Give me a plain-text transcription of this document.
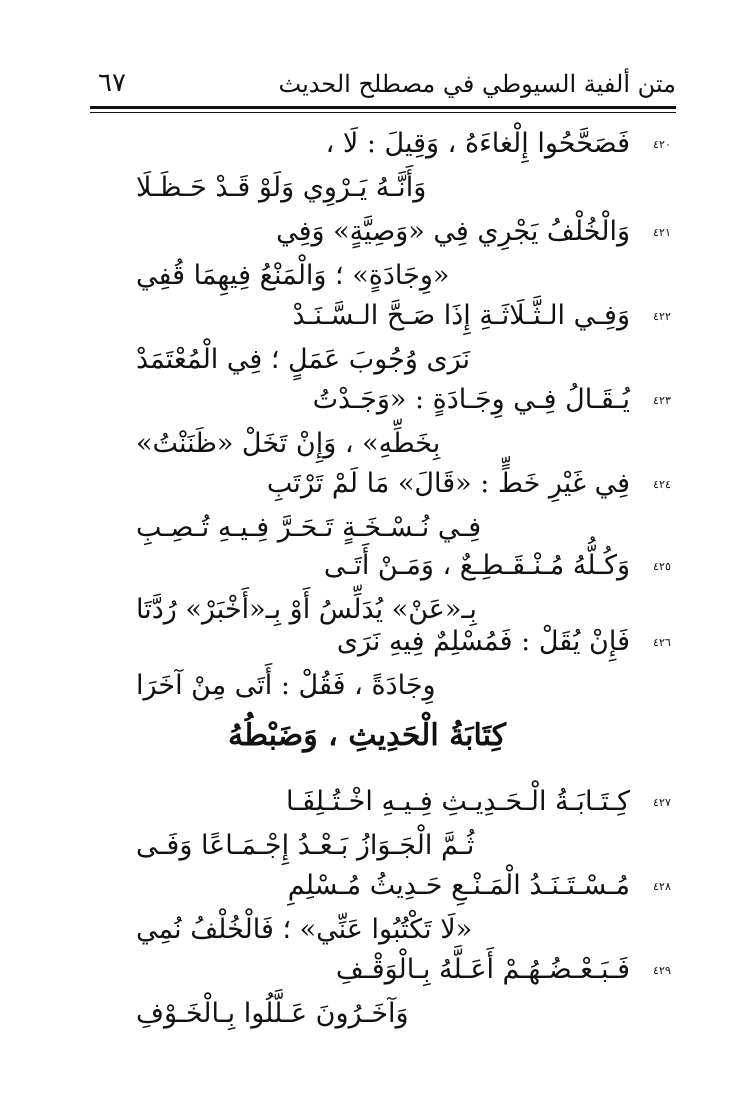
متن ألفية السيوطي في مصطلح الحديث
٦٧
٤٢٠
فَصَحَّحُوا إِلْغاءَهُ ، وَقِيلَ : لَا ،
وَأَنَّـهُ يَـرْوِي وَلَوْ قَـدْ حَـظَـلَا
٤٢١
وَالْخُلْفُ يَجْرِي فِي «وَصِيَّةٍ» وَفِي
«وِجَادَةٍ» ؛ وَالْمَنْعُ فِيهِمَا قُفِي
٤٢٢
وَفِـي الـثَّـلَاثَـةِ إِذَا صَـحَّ الـسَّـنَـدْ
نَرَى وُجُوبَ عَمَلٍ ؛ فِي الْمُعْتَمَدْ
٤٢٣
يُـقَـالُ فِـي وِجَـادَةٍ : «وَجَـدْتُ
بِخَطِّهِ» ، وَإِنْ تَخَلْ «ظَنَنْتُ»
٤٢٤
فِي غَيْرِ خَطٍّ : «قَالَ» مَا لَمْ تَرْتَبِ
فِـي نُـسْـخَـةٍ تَـحَـرَّ فِـيـهِ تُـصِـبِ
٤٢٥
وَكُـلُّهُ مُـنْـقَـطِـعٌ ، وَمَـنْ أَتَـى
بِـ«عَنْ» يُدَلِّسُ أَوْ بِـ«أَخْبَرْ» رُدَّتَا
٤٢٦
فَإِنْ يُقَلْ : فَمُسْلِمٌ فِيهِ نَرَى
وِجَادَةً ، فَقُلْ : أَتَى مِنْ آخَرَا
كِتَابَةُ الْحَدِيثِ ، وَضَبْطُهُ
٤٢٧
كِـتَـابَـةُ الْـحَـدِيـثِ فِـيـهِ اخْـتُـلِفَـا
ثُـمَّ الْجَـوَازُ بَـعْـدُ إِجْـمَـاعًا وَفَـى
٤٢٨
مُـسْـتَـنَـدُ الْمَـنْـعِ حَـدِيثُ مُـسْلِمِ
«لَا تَكْتُبُوا عَنِّي» ؛ فَالْخُلْفُ نُمِي
٤٢٩
فَـبَـعْـضُـهُـمْ أَعَـلَّهُ بِـالْوَقْـفِ
وَآخَـرُونَ عَـلَّلُوا بِـالْخَـوْفِ
